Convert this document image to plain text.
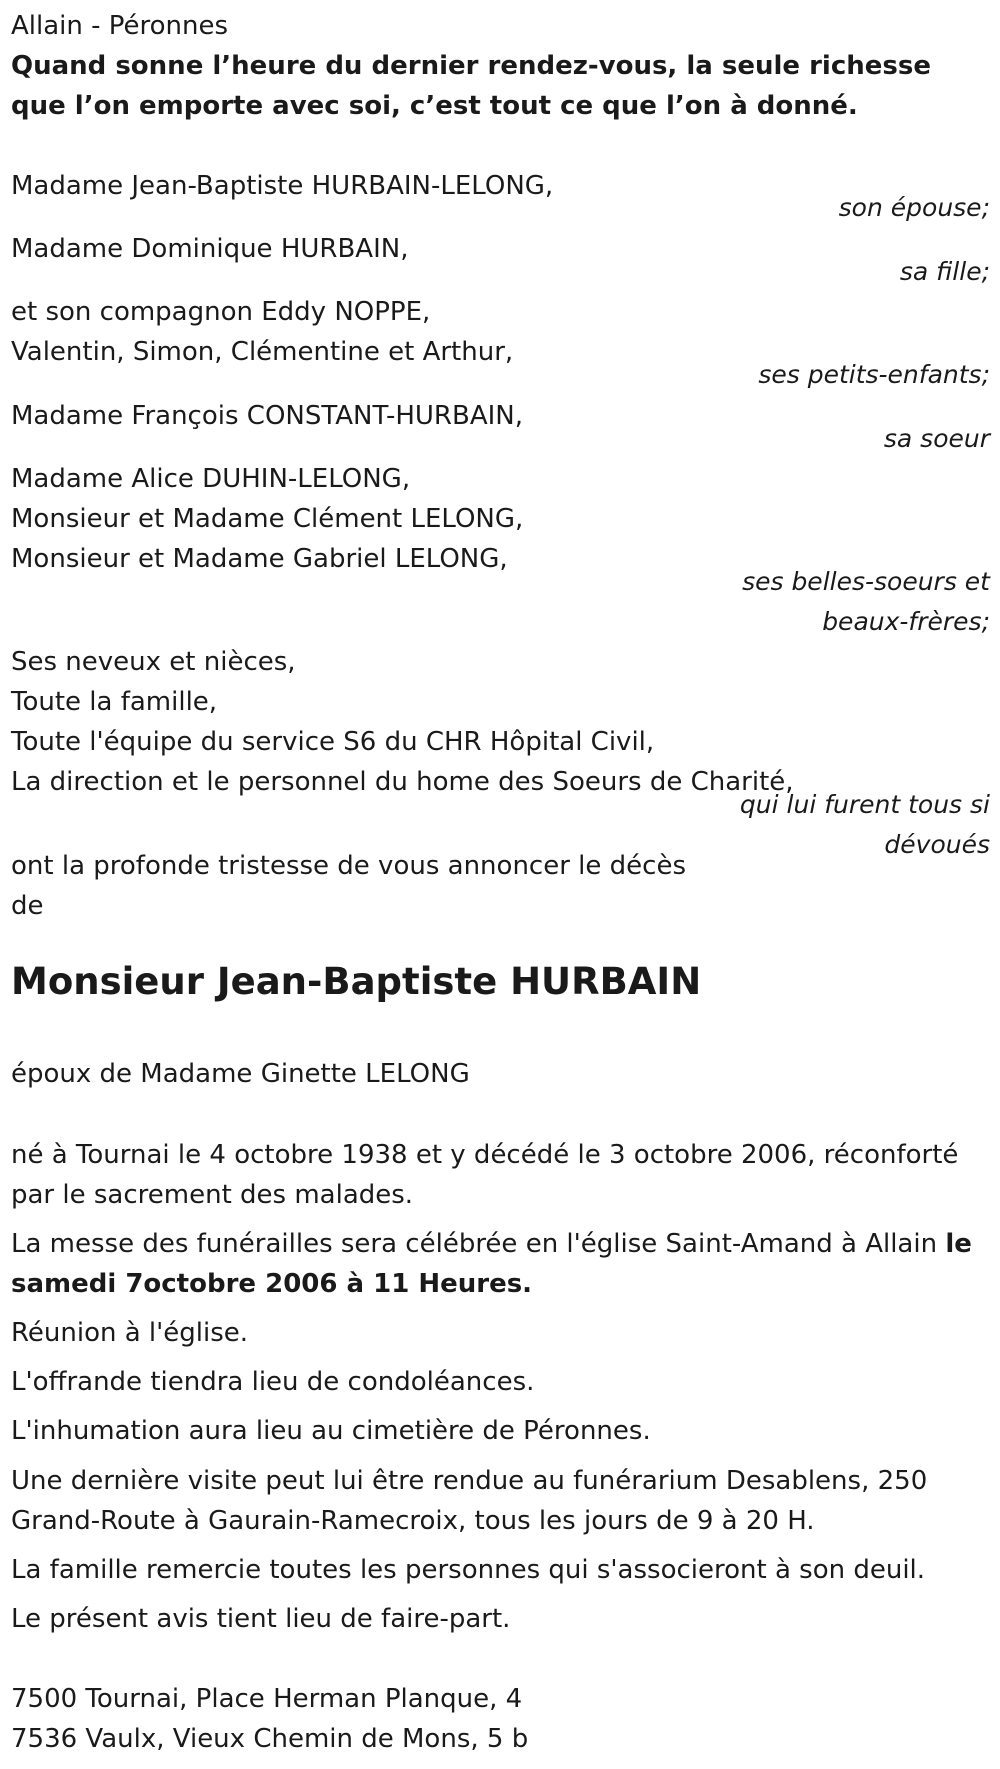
Allain - Péronnes
Quand sonne l’heure du dernier rendez-vous, la seule richesse que l’on emporte avec soi, c’est tout ce que l’on à donné.
Madame Jean-Baptiste HURBAIN-LELONG,
son épouse;
Madame Dominique HURBAIN,
sa fille;
et son compagnon Eddy NOPPE,
Valentin, Simon, Clémentine et Arthur,
ses petits-enfants;
Madame François CONSTANT-HURBAIN,
sa soeur
Madame Alice DUHIN-LELONG,
Monsieur et Madame Clément LELONG,
Monsieur et Madame Gabriel LELONG,
ses belles-soeurs et
beaux-frères;
Ses neveux et nièces,
Toute la famille,
Toute l'équipe du service S6 du CHR Hôpital Civil,
La direction et le personnel du home des Soeurs de Charité,
qui lui furent tous si
dévoués
ont la profonde tristesse de vous annoncer le décès
de
Monsieur Jean-Baptiste HURBAIN
époux de Madame Ginette LELONG
né à Tournai le 4 octobre 1938 et y décédé le 3 octobre 2006, réconforté par le sacrement des malades.
La messe des funérailles sera célébrée en l'église Saint-Amand à Allain le samedi 7octobre 2006 à 11 Heures.
Réunion à l'église.
L'offrande tiendra lieu de condoléances.
L'inhumation aura lieu au cimetière de Péronnes.
Une dernière visite peut lui être rendue au funérarium Desablens, 250 Grand-Route à Gaurain-Ramecroix, tous les jours de 9 à 20 H.
La famille remercie toutes les personnes qui s'associeront à son deuil.
Le présent avis tient lieu de faire-part.
7500 Tournai, Place Herman Planque, 4
7536 Vaulx, Vieux Chemin de Mons, 5 b
